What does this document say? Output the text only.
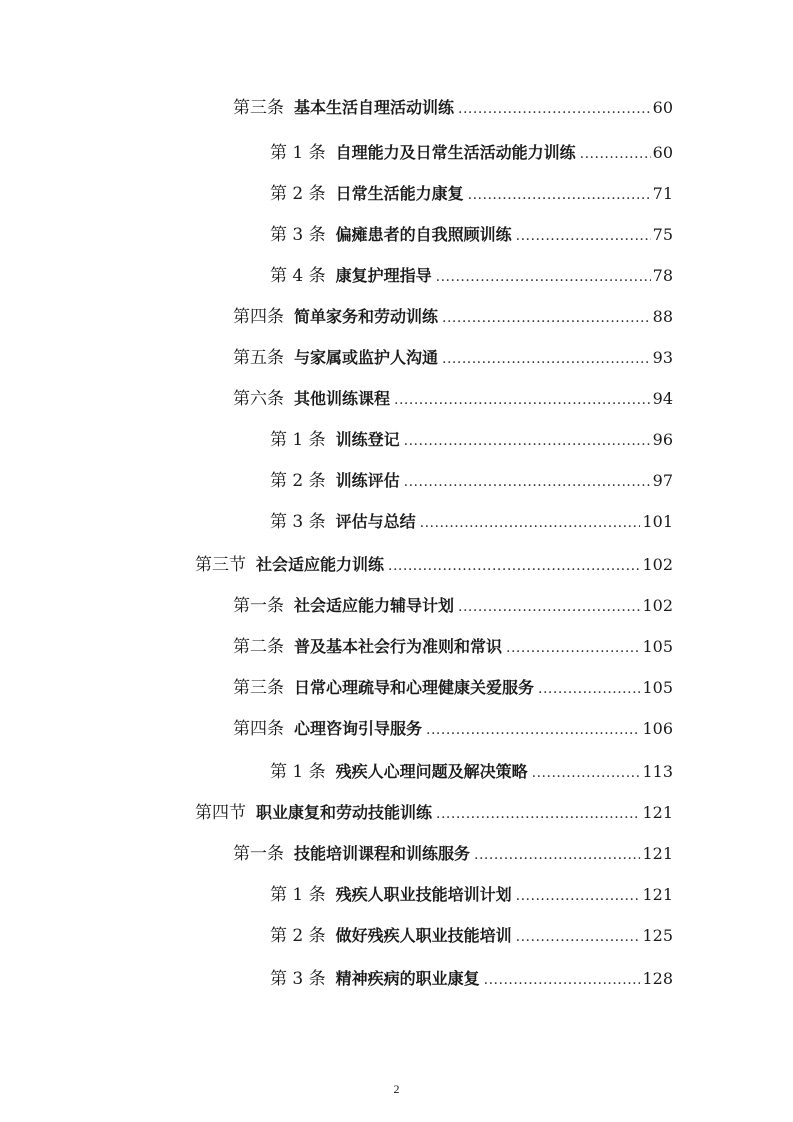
第三条 基本生活自理活动训练 .....	60
第 1 条 自理能力及日常生活活动能力训练 .....	60
第 2 条 日常生活能力康复 .....	71
第 3 条 偏瘫患者的自我照顾训练 .....	75
第 4 条 康复护理指导 .....	78
第四条 简单家务和劳动训练 .....	88
第五条 与家属或监护人沟通 .....	93
第六条 其他训练课程 .....	94
第 1 条 训练登记 .....	96
第 2 条 训练评估 .....	97
第 3 条 评估与总结 .....	101
第三节 社会适应能力训练 .....	102
第一条 社会适应能力辅导计划 .....	102
第二条 普及基本社会行为准则和常识 .....	105
第三条 日常心理疏导和心理健康关爱服务 .....	105
第四条 心理咨询引导服务 .....	106
第 1 条 残疾人心理问题及解决策略 .....	113
第四节 职业康复和劳动技能训练 .....	121
第一条 技能培训课程和训练服务 .....	121
第 1 条 残疾人职业技能培训计划 .....	121
第 2 条 做好残疾人职业技能培训 .....	125
第 3 条 精神疾病的职业康复 .....	128
2
